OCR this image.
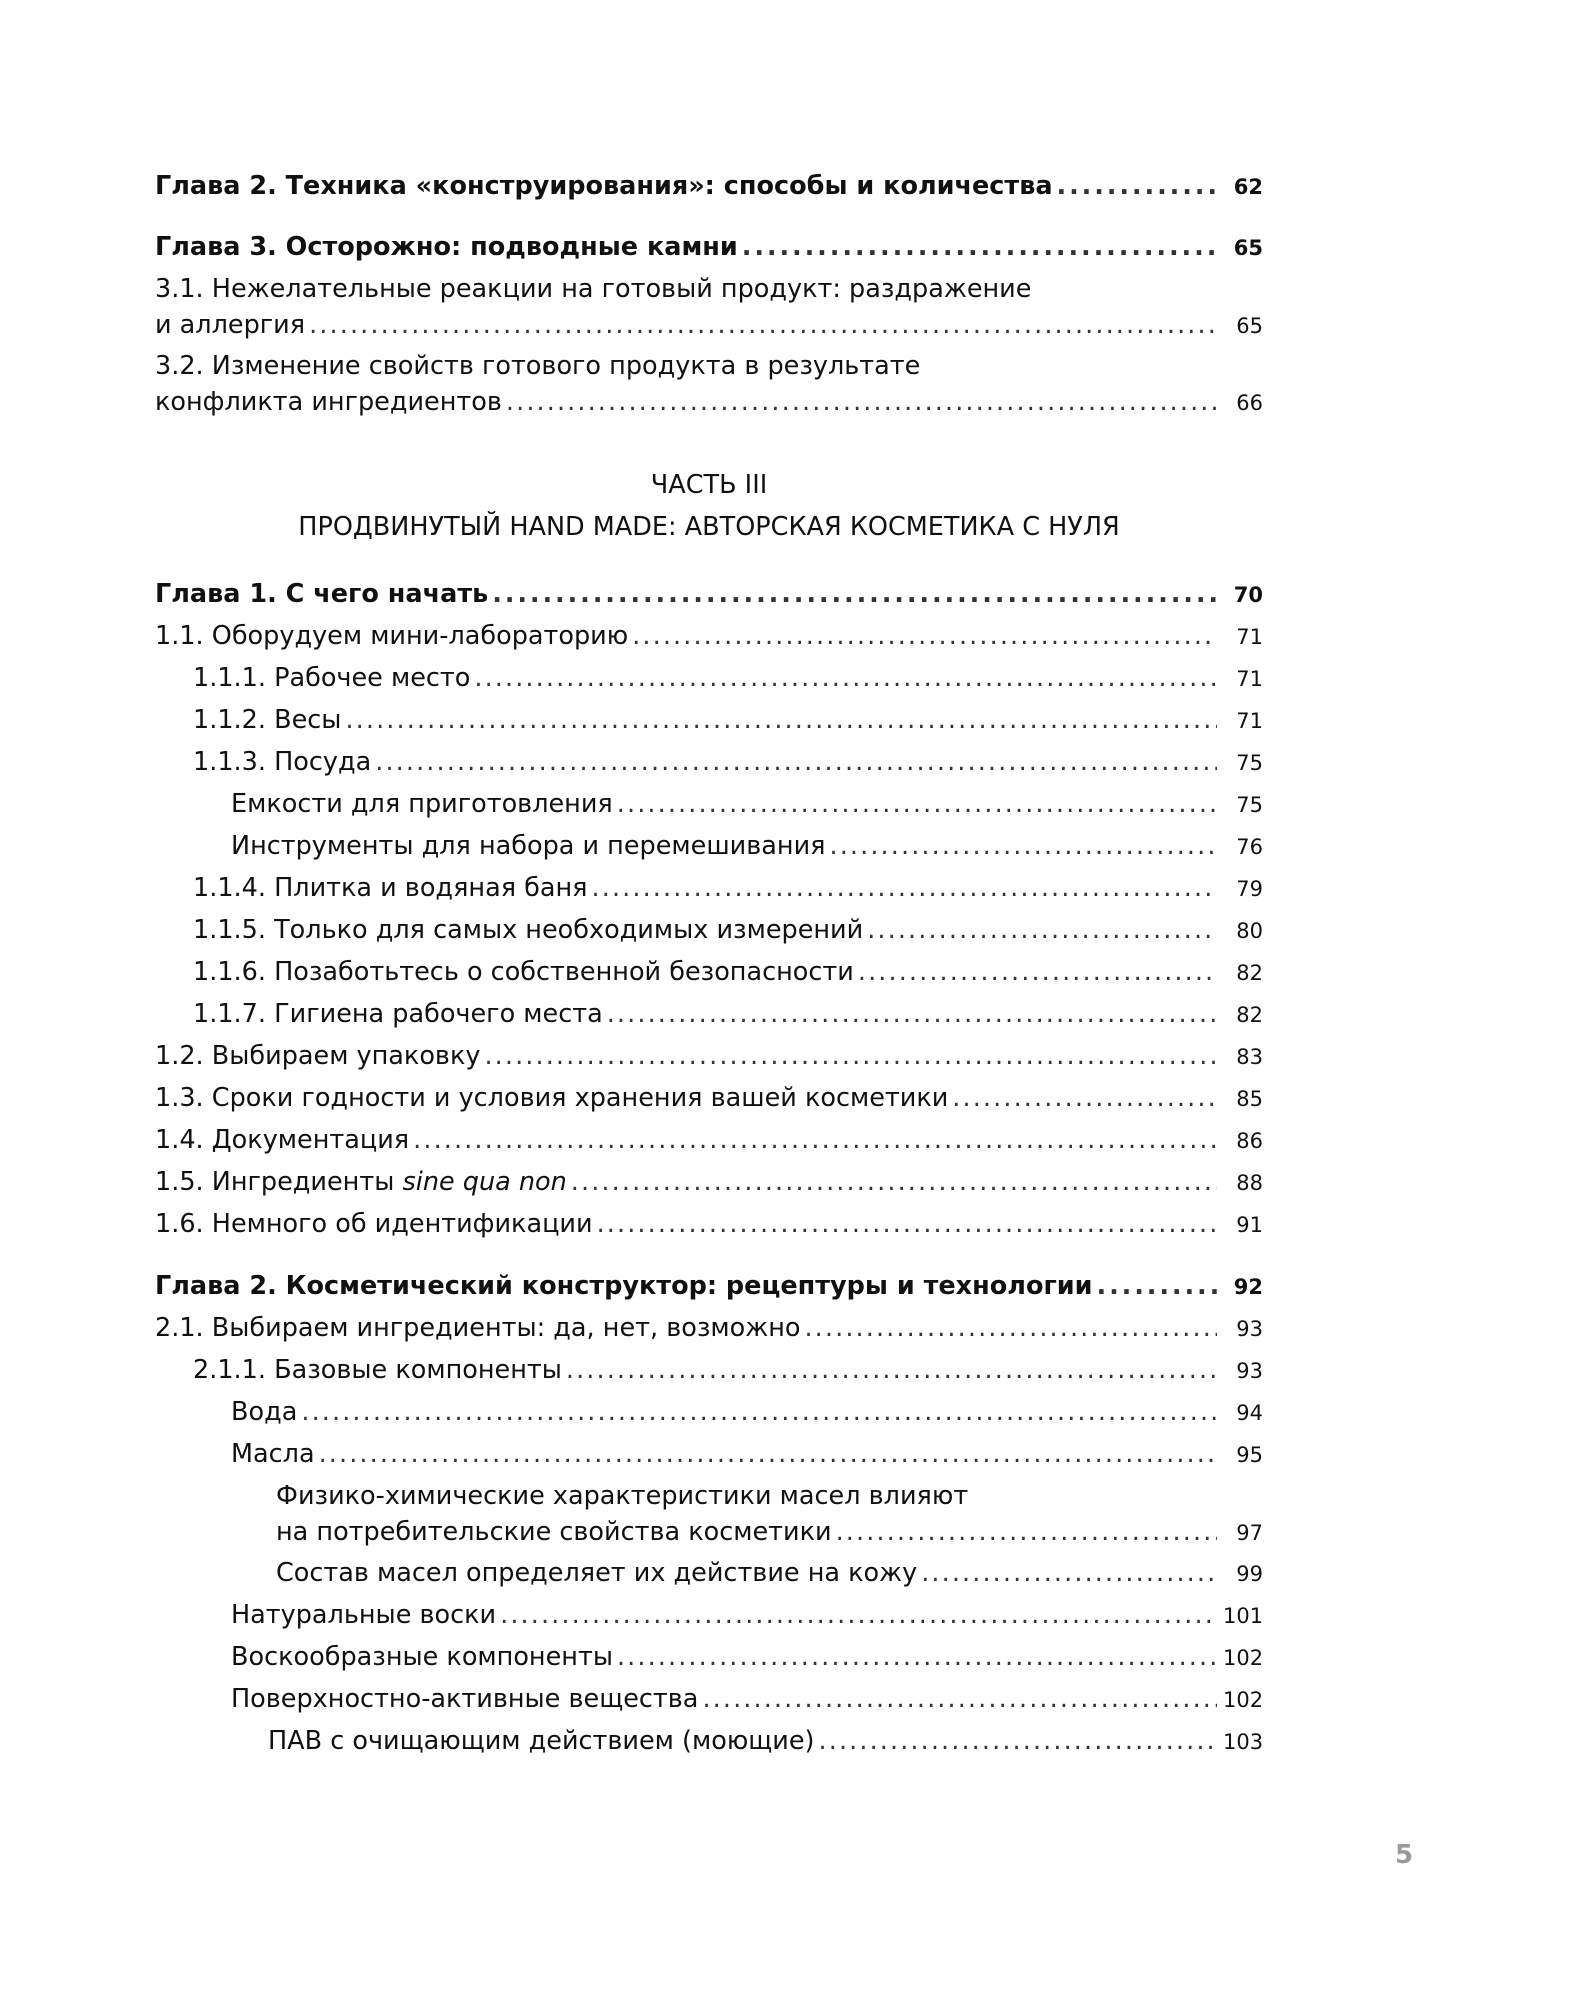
Глава 2. Техника «конструирования»: способы и количества . . .	62
Глава 3. Осторожно: подводные камни . . .	65
3.1. Нежелательные реакции на готовый продукт: раздражение
и аллергия . . .	65
3.2. Изменение свойств готового продукта в результате
конфликта ингредиентов . . .	66
ЧАСТЬ III
ПРОДВИНУТЫЙ HAND MADE: АВТОРСКАЯ КОСМЕТИКА С НУЛЯ
Глава 1. С чего начать . . .	70
1.1. Оборудуем мини-лабораторию . . .	71
1.1.1. Рабочее место . . .	71
1.1.2. Весы . . .	71
1.1.3. Посуда . . .	75
Емкости для приготовления . . .	75
Инструменты для набора и перемешивания . . .	76
1.1.4. Плитка и водяная баня . . .	79
1.1.5. Только для самых необходимых измерений . . .	80
1.1.6. Позаботьтесь о собственной безопасности . . .	82
1.1.7. Гигиена рабочего места . . .	82
1.2. Выбираем упаковку . . .	83
1.3. Сроки годности и условия хранения вашей косметики . . .	85
1.4. Документация . . .	86
1.5. Ингредиенты sine qua non . . .	88
1.6. Немного об идентификации . . .	91
Глава 2. Косметический конструктор: рецептуры и технологии . . .	92
2.1. Выбираем ингредиенты: да, нет, возможно . . .	93
2.1.1. Базовые компоненты . . .	93
Вода . . .	94
Масла . . .	95
Физико-химические характеристики масел влияют
на потребительские свойства косметики . . .	97
Состав масел определяет их действие на кожу . . .	99
Натуральные воски . . .	101
Воскообразные компоненты . . .	102
Поверхностно-активные вещества . . .	102
ПАВ с очищающим действием (моющие) . . .	103
5
